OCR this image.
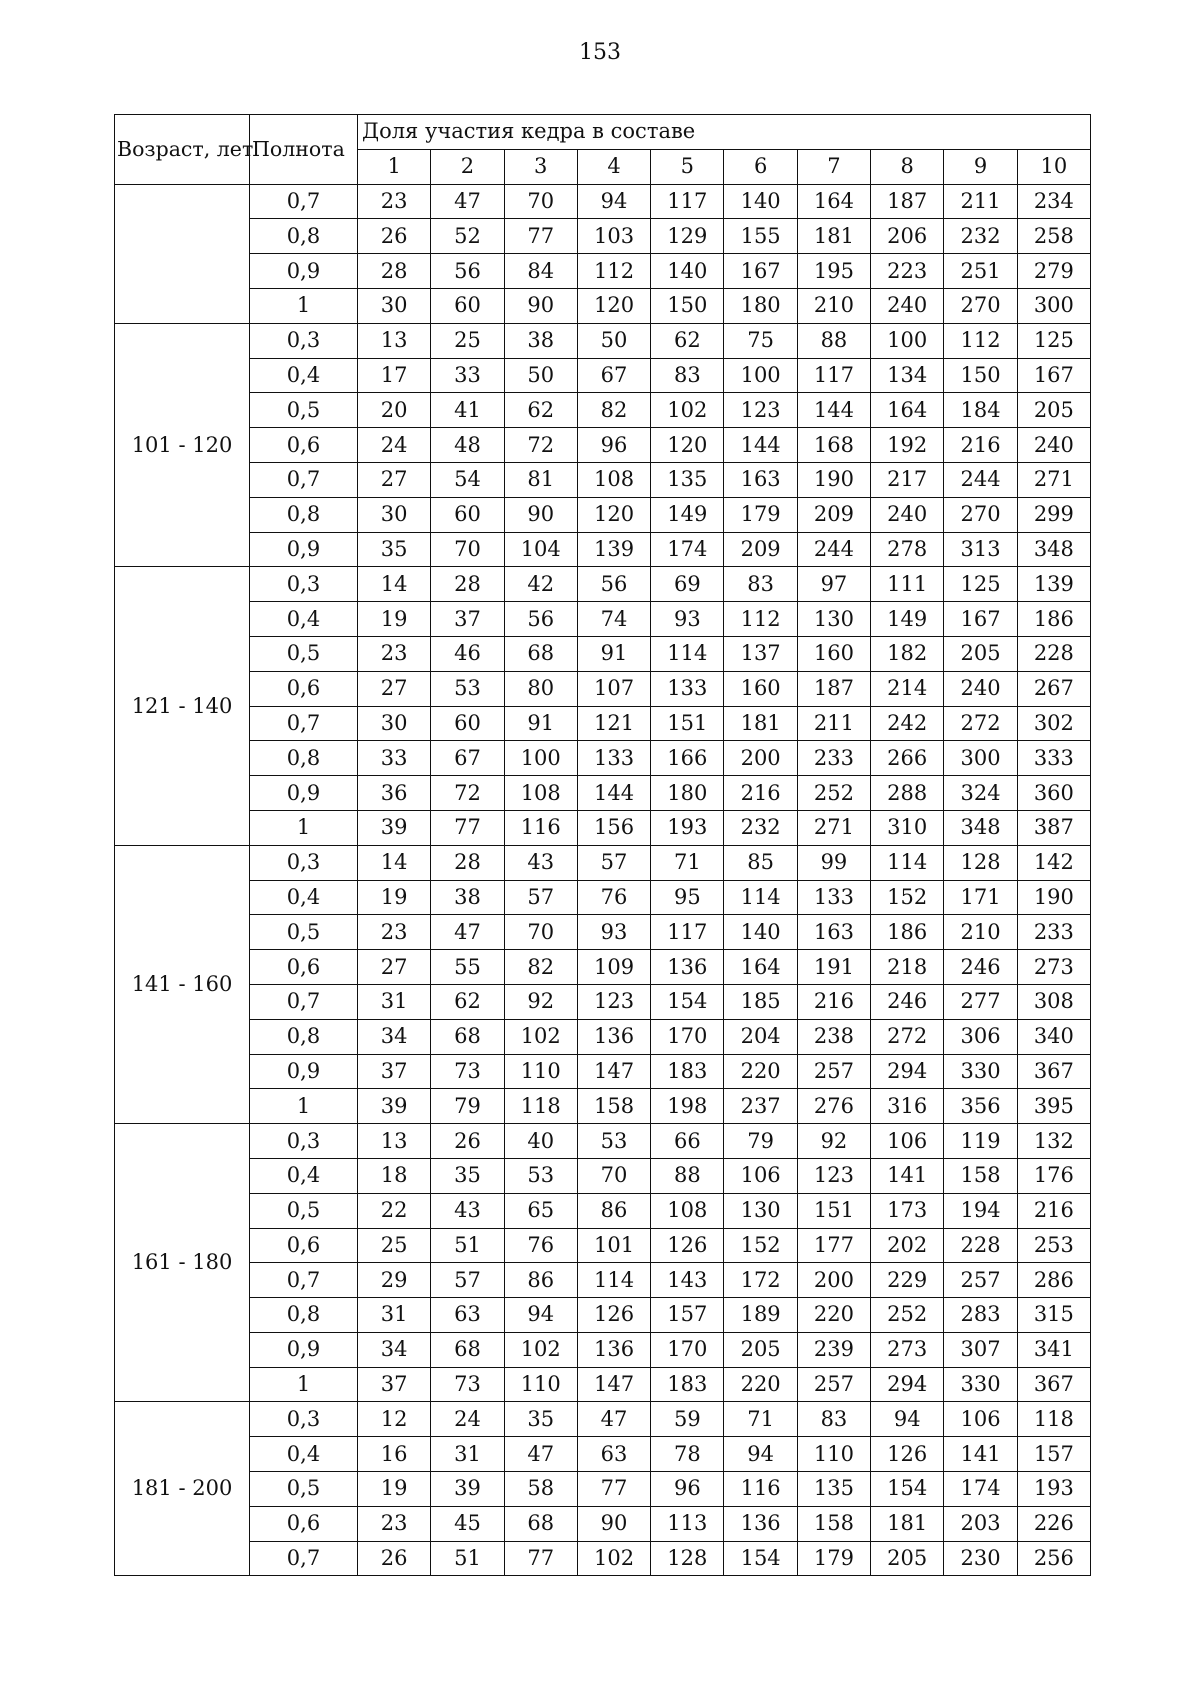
153
Возраст, лет	Полнота	Доля участия кедра в составе									
		1	2	3	4	5	6	7	8	9	10
	0,7	23	47	70	94	117	140	164	187	211	234
	0,8	26	52	77	103	129	155	181	206	232	258
	0,9	28	56	84	112	140	167	195	223	251	279
	1	30	60	90	120	150	180	210	240	270	300
101 - 120	0,3	13	25	38	50	62	75	88	100	112	125
	0,4	17	33	50	67	83	100	117	134	150	167
	0,5	20	41	62	82	102	123	144	164	184	205
	0,6	24	48	72	96	120	144	168	192	216	240
	0,7	27	54	81	108	135	163	190	217	244	271
	0,8	30	60	90	120	149	179	209	240	270	299
	0,9	35	70	104	139	174	209	244	278	313	348
121 - 140	0,3	14	28	42	56	69	83	97	111	125	139
	0,4	19	37	56	74	93	112	130	149	167	186
	0,5	23	46	68	91	114	137	160	182	205	228
	0,6	27	53	80	107	133	160	187	214	240	267
	0,7	30	60	91	121	151	181	211	242	272	302
	0,8	33	67	100	133	166	200	233	266	300	333
	0,9	36	72	108	144	180	216	252	288	324	360
	1	39	77	116	156	193	232	271	310	348	387
141 - 160	0,3	14	28	43	57	71	85	99	114	128	142
	0,4	19	38	57	76	95	114	133	152	171	190
	0,5	23	47	70	93	117	140	163	186	210	233
	0,6	27	55	82	109	136	164	191	218	246	273
	0,7	31	62	92	123	154	185	216	246	277	308
	0,8	34	68	102	136	170	204	238	272	306	340
	0,9	37	73	110	147	183	220	257	294	330	367
	1	39	79	118	158	198	237	276	316	356	395
161 - 180	0,3	13	26	40	53	66	79	92	106	119	132
	0,4	18	35	53	70	88	106	123	141	158	176
	0,5	22	43	65	86	108	130	151	173	194	216
	0,6	25	51	76	101	126	152	177	202	228	253
	0,7	29	57	86	114	143	172	200	229	257	286
	0,8	31	63	94	126	157	189	220	252	283	315
	0,9	34	68	102	136	170	205	239	273	307	341
	1	37	73	110	147	183	220	257	294	330	367
181 - 200	0,3	12	24	35	47	59	71	83	94	106	118
	0,4	16	31	47	63	78	94	110	126	141	157
	0,5	19	39	58	77	96	116	135	154	174	193
	0,6	23	45	68	90	113	136	158	181	203	226
	0,7	26	51	77	102	128	154	179	205	230	256
